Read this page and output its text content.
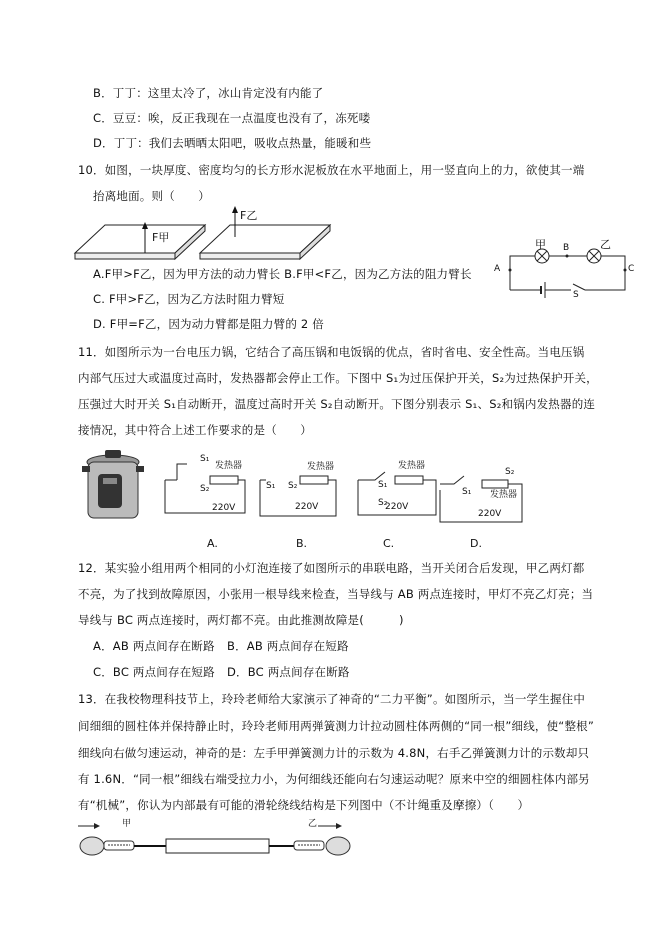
B．丁丁：这里太冷了，冰山肯定没有内能了
C．豆豆：唉，反正我现在一点温度也没有了，冻死喽
D．丁丁：我们去晒晒太阳吧，吸收点热量，能暖和些
10．如图，一块厚度、密度均匀的长方形水泥板放在水平地面上，用一竖直向上的力，欲使其一端
抬离地面。则（　　）
F甲
F乙
甲 B	乙
A	C
S
A.F甲>F乙，因为甲方法的动力臂长 B.F甲<F乙，因为乙方法的阻力臂长
C. F甲>F乙，因为乙方法时阻力臂短
D. F甲=F乙，因为动力臂都是阻力臂的 2 倍
11．如图所示为一台电压力锅，它结合了高压锅和电饭锅的优点，省时省电、安全性高。当电压锅
内部气压过大或温度过高时，发热器都会停止工作。下图中 S₁为过压保护开关，S₂为过热保护开关，
压强过大时开关 S₁自动断开，温度过高时开关 S₂自动断开。下图分别表示 S₁、S₂和锅内发热器的连
接情况，其中符合上述工作要求的是（　　）
S₁
S₂
发热器
220V
S₁ S₂
发热器
220V
S₁
S₂
发热器
220V
S₁
S₂
发热器
220V
A.	B.	C.	D.
12．某实验小组用两个相同的小灯泡连接了如图所示的串联电路，当开关闭合后发现，甲乙两灯都
不亮，为了找到故障原因，小张用一根导线来检查，当导线与 AB 两点连接时，甲灯不亮乙灯亮；当
导线与 BC 两点连接时，两灯都不亮。由此推测故障是(　　　)
A．AB 两点间存在断路 B．AB 两点间存在短路
C．BC 两点间存在短路 D．BC 两点间存在断路
13．在我校物理科技节上，玲玲老师给大家演示了神奇的“二力平衡”。如图所示，当一学生握住中
间细细的圆柱体并保持静止时，玲玲老师用两弹簧测力计拉动圆柱体两侧的“同一根”细线，使“整根”
细线向右做匀速运动，神奇的是：左手甲弹簧测力计的示数为 4.8N，右手乙弹簧测力计的示数却只
有 1.6N．“同一根”细线右端受拉力小，为何细线还能向右匀速运动呢？原来中空的细圆柱体内部另
有“机械”，你认为内部最有可能的滑轮绕线结构是下列图中（不计绳重及摩擦）（　　）
甲	乙
